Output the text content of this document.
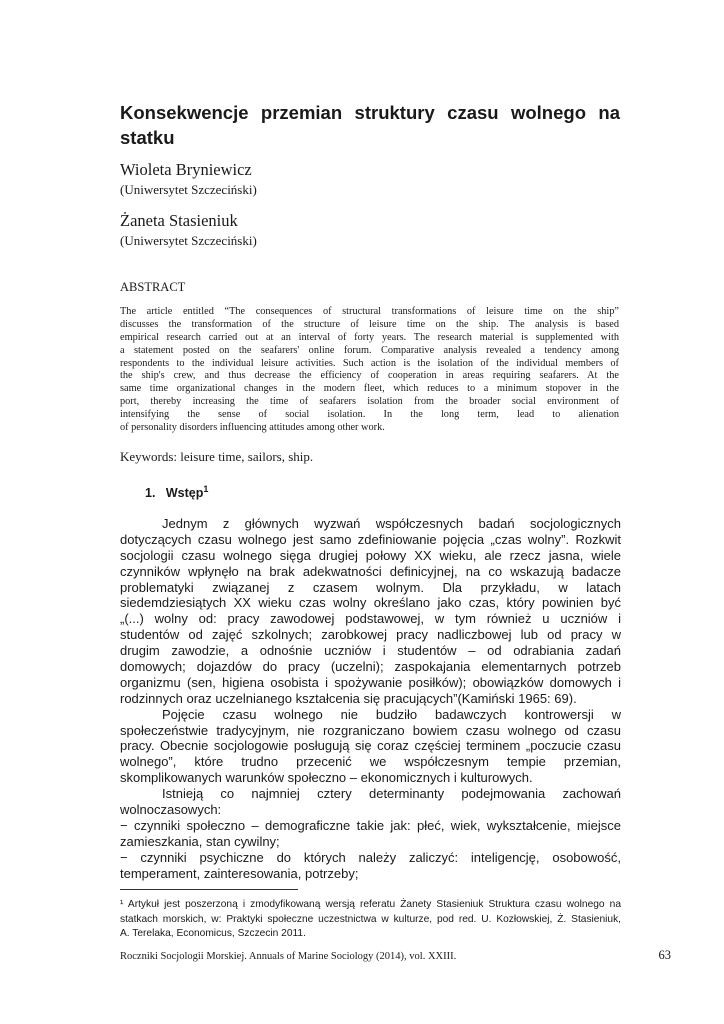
Konsekwencje przemian struktury czasu wolnego na statku
Wioleta Bryniewicz
(Uniwersytet Szczeciński)
Żaneta Stasieniuk
(Uniwersytet Szczeciński)
ABSTRACT
The article entitled “The consequences of structural transformations of leisure time on the ship”
discusses the transformation of the structure of leisure time on the ship. The analysis is based
empirical research carried out at an interval of forty years. The research material is supplemented with
a statement posted on the seafarers' online forum. Comparative analysis revealed a tendency among
respondents to the individual leisure activities. Such action is the isolation of the individual members of
the ship's crew, and thus decrease the efficiency of cooperation in areas requiring seafarers. At the
same time organizational changes in the modern fleet, which reduces to a minimum stopover in the
port, thereby increasing the time of seafarers isolation from the broader social environment of
intensifying the sense of social isolation. In the long term, lead to alienation
of personality disorders influencing attitudes among other work.
Keywords: leisure time, sailors, ship.
1. Wstęp$^1$
Jednym z głównych wyzwań współczesnych badań socjologicznych
dotyczących czasu wolnego jest samo zdefiniowanie pojęcia „czas wolny”. Rozkwit
socjologii czasu wolnego sięga drugiej połowy XX wieku, ale rzecz jasna, wiele
czynników wpłynęło na brak adekwatności definicyjnej, na co wskazują badacze
problematyki związanej z czasem wolnym. Dla przykładu, w latach
siedemdziesiątych XX wieku czas wolny określano jako czas, który powinien być
„(...) wolny od: pracy zawodowej podstawowej, w tym również u uczniów i
studentów od zajęć szkolnych; zarobkowej pracy nadliczbowej lub od pracy w
drugim zawodzie, a odnośnie uczniów i studentów – od odrabiania zadań
domowych; dojazdów do pracy (uczelni); zaspokajania elementarnych potrzeb
organizmu (sen, higiena osobista i spożywanie posiłków); obowiązków domowych i
rodzinnych oraz uczelnianego kształcenia się pracujących”(Kamiński 1965: 69).
Pojęcie czasu wolnego nie budziło badawczych kontrowersji w
społeczeństwie tradycyjnym, nie rozgraniczano bowiem czasu wolnego od czasu
pracy. Obecnie socjologowie posługują się coraz częściej terminem „poczucie czasu
wolnego”, które trudno przecenić we współczesnym tempie przemian,
skomplikowanych warunków społeczno – ekonomicznych i kulturowych.
Istnieją co najmniej cztery determinanty podejmowania zachowań
wolnoczasowych:
− czynniki społeczno – demograficzne takie jak: płeć, wiek, wykształcenie, miejsce
zamieszkania, stan cywilny;
− czynniki psychiczne do których należy zaliczyć: inteligencję, osobowość,
temperament, zainteresowania, potrzeby;
¹ Artykuł jest poszerzoną i zmodyfikowaną wersją referatu Żanety Stasieniuk Struktura czasu wolnego na
statkach morskich, w: Praktyki społeczne uczestnictwa w kulturze, pod red. U. Kozłowskiej, Ż. Stasieniuk,
A. Terelaka, Economicus, Szczecin 2011.
Roczniki Socjologii Morskiej. Annuals of Marine Sociology (2014), vol. XXIII.	63
